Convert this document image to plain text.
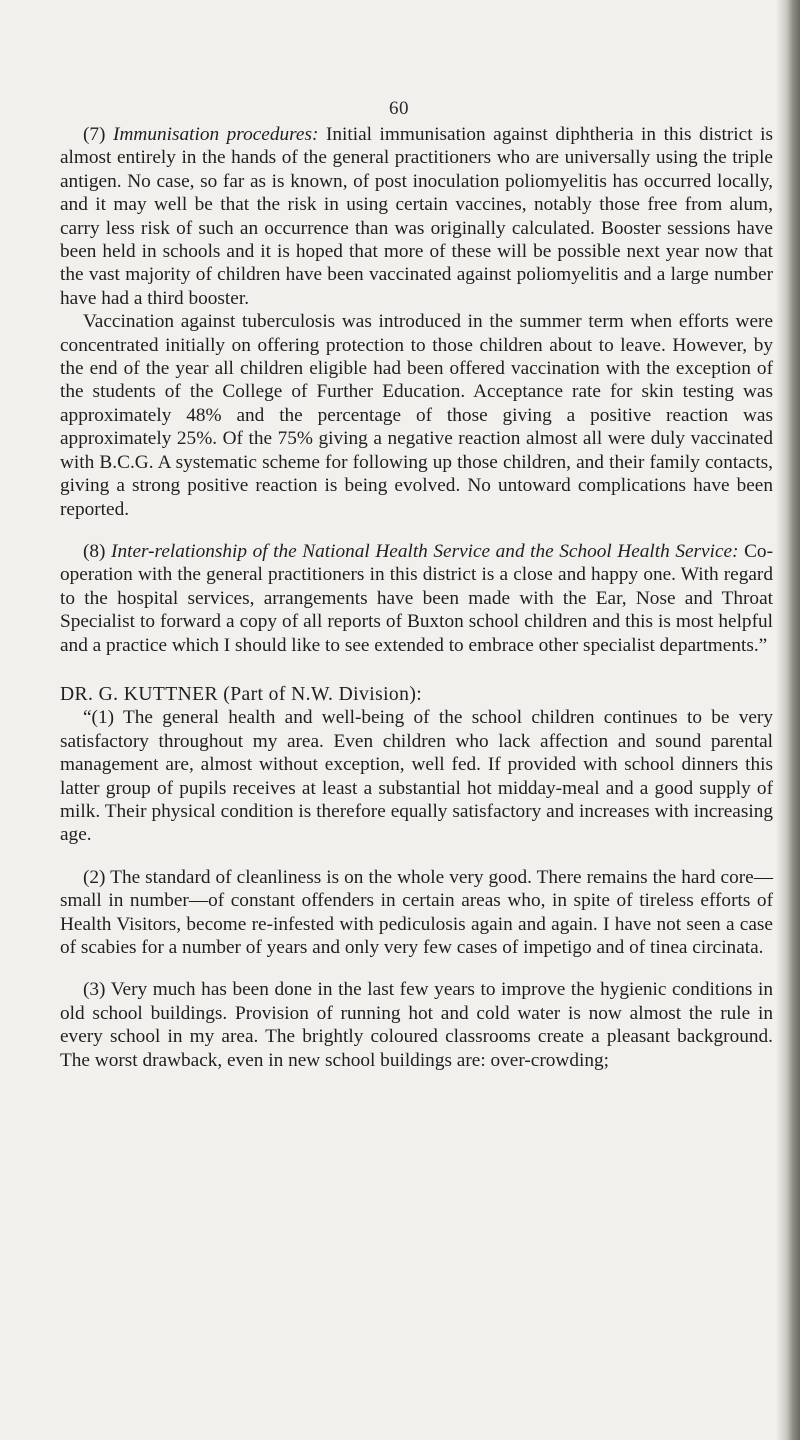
60

(7) Immunisation procedures: Initial immunisation against diphtheria in this district is almost entirely in the hands of the general practitioners who are universally using the triple antigen. No case, so far as is known, of post inoculation poliomyelitis has occurred locally, and it may well be that the risk in using certain vaccines, notably those free from alum, carry less risk of such an occurrence than was originally calculated. Booster sessions have been held in schools and it is hoped that more of these will be possible next year now that the vast majority of children have been vaccinated against poliomyelitis and a large number have had a third booster.

Vaccination against tuberculosis was introduced in the summer term when efforts were concentrated initially on offering protection to those children about to leave. However, by the end of the year all children eligible had been offered vaccination with the exception of the students of the College of Further Education. Acceptance rate for skin testing was approximately 48% and the percentage of those giving a positive reaction was approximately 25%. Of the 75% giving a negative reaction almost all were duly vaccinated with B.C.G. A systematic scheme for following up those children, and their family contacts, giving a strong positive reaction is being evolved. No untoward complications have been reported.

(8) Inter-relationship of the National Health Service and the School Health Service: Co-operation with the general practitioners in this district is a close and happy one. With regard to the hospital services, arrangements have been made with the Ear, Nose and Throat Specialist to forward a copy of all reports of Buxton school children and this is most helpful and a practice which I should like to see extended to embrace other specialist departments.”

DR. G. KUTTNER (Part of N.W. Division):

“(1) The general health and well-being of the school children continues to be very satisfactory throughout my area. Even children who lack affection and sound parental management are, almost without exception, well fed. If provided with school dinners this latter group of pupils receives at least a substantial hot midday-meal and a good supply of milk. Their physical condition is therefore equally satisfactory and increases with increasing age.

(2) The standard of cleanliness is on the whole very good. There remains the hard core—small in number—of constant offenders in certain areas who, in spite of tireless efforts of Health Visitors, become re-infested with pediculosis again and again. I have not seen a case of scabies for a number of years and only very few cases of impetigo and of tinea circinata.

(3) Very much has been done in the last few years to improve the hygienic conditions in old school buildings. Provision of running hot and cold water is now almost the rule in every school in my area. The brightly coloured classrooms create a pleasant background. The worst drawback, even in new school buildings are: over-crowding;
